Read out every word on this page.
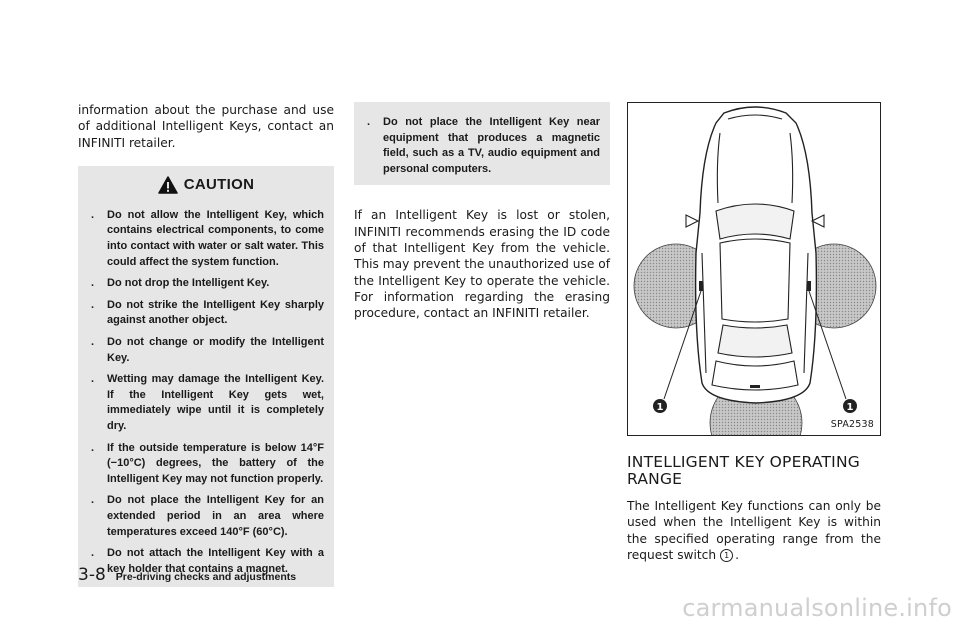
information about the purchase and use of additional Intelligent Keys, contact an INFINITI retailer.

CAUTION
. Do not allow the Intelligent Key, which contains electrical components, to come into contact with water or salt water. This could affect the system function.
. Do not drop the Intelligent Key.
. Do not strike the Intelligent Key sharply against another object.
. Do not change or modify the Intelligent Key.
. Wetting may damage the Intelligent Key. If the Intelligent Key gets wet, immediately wipe until it is completely dry.
. If the outside temperature is below 14°F (−10°C) degrees, the battery of the Intelligent Key may not function properly.
. Do not place the Intelligent Key for an extended period in an area where temperatures exceed 140°F (60°C).
. Do not attach the Intelligent Key with a key holder that contains a magnet.
. Do not place the Intelligent Key near equipment that produces a magnetic field, such as a TV, audio equipment and personal computers.

If an Intelligent Key is lost or stolen, INFINITI recommends erasing the ID code of that Intelligent Key from the vehicle. This may prevent the unauthorized use of the Intelligent Key to operate the vehicle. For information regarding the erasing procedure, contact an INFINITI retailer.

1	1
SPA2538
INTELLIGENT KEY OPERATING RANGE

The Intelligent Key functions can only be used when the Intelligent Key is within the specified operating range from the request switch 1 .

3-8 Pre-driving checks and adjustments
carmanualsonline.info
